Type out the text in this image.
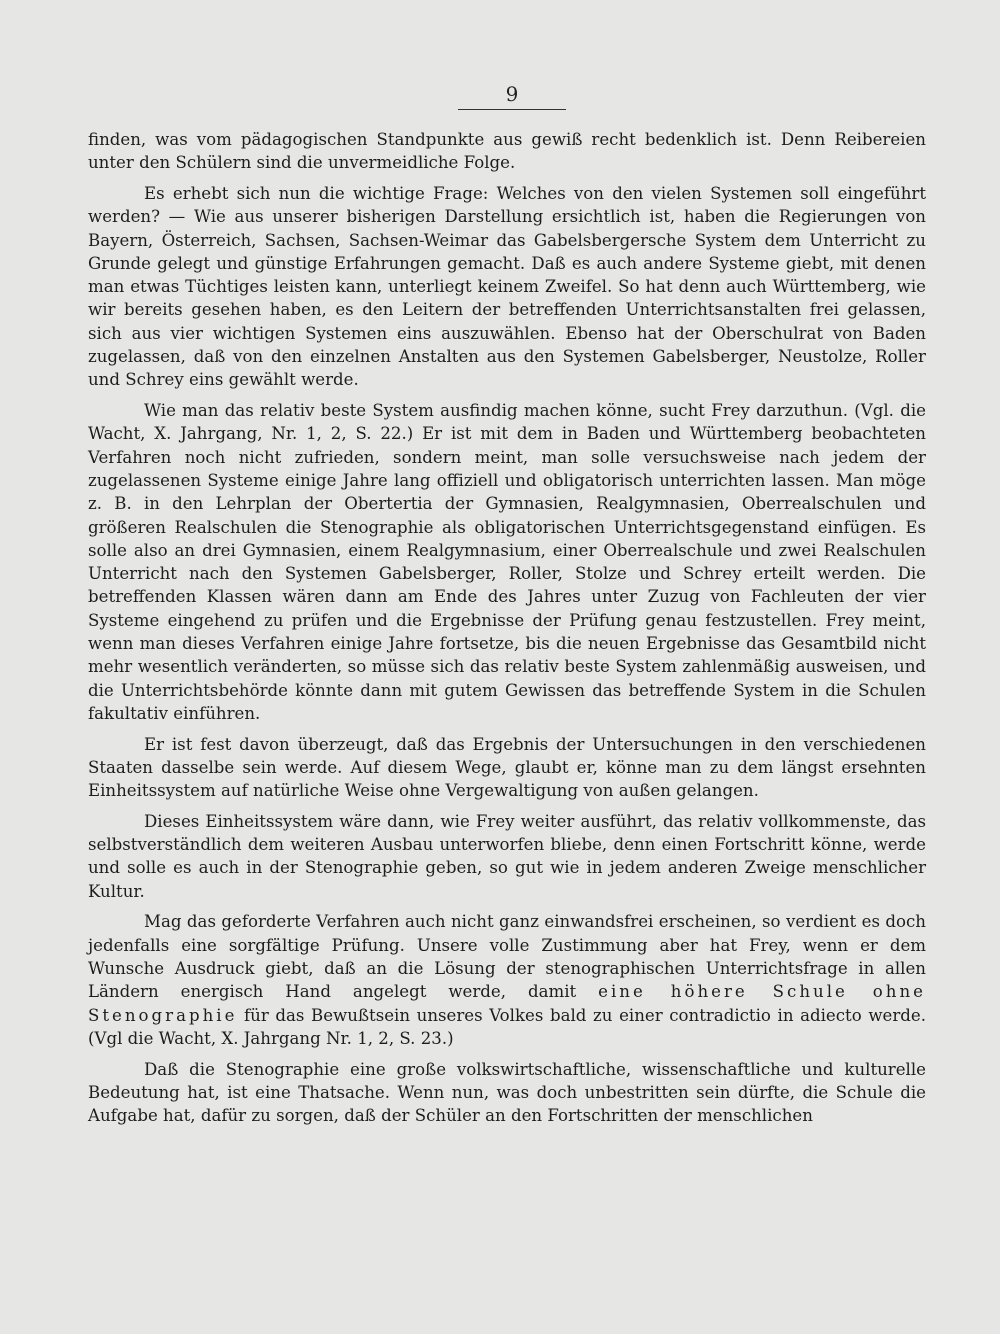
9

finden, was vom pädagogischen Standpunkte aus gewiß recht bedenklich ist. Denn Reibereien unter den Schülern sind die unvermeidliche Folge.

Es erhebt sich nun die wichtige Frage: Welches von den vielen Systemen soll eingeführt werden? — Wie aus unserer bisherigen Darstellung ersichtlich ist, haben die Regierungen von Bayern, Österreich, Sachsen, Sachsen-Weimar das Gabelsbergersche System dem Unterricht zu Grunde gelegt und günstige Erfahrungen gemacht. Daß es auch andere Systeme giebt, mit denen man etwas Tüchtiges leisten kann, unterliegt keinem Zweifel. So hat denn auch Württemberg, wie wir bereits gesehen haben, es den Leitern der betreffenden Unterrichtsanstalten frei gelassen, sich aus vier wichtigen Systemen eins auszuwählen. Ebenso hat der Oberschulrat von Baden zugelassen, daß von den einzelnen Anstalten aus den Systemen Gabelsberger, Neustolze, Roller und Schrey eins gewählt werde.

Wie man das relativ beste System ausfindig machen könne, sucht Frey darzuthun. (Vgl. die Wacht, X. Jahrgang, Nr. 1, 2, S. 22.) Er ist mit dem in Baden und Württemberg beobachteten Verfahren noch nicht zufrieden, sondern meint, man solle versuchsweise nach jedem der zugelassenen Systeme einige Jahre lang offiziell und obligatorisch unterrichten lassen. Man möge z. B. in den Lehrplan der Obertertia der Gymnasien, Realgymnasien, Oberrealschulen und größeren Realschulen die Stenographie als obligatorischen Unterrichtsgegenstand einfügen. Es solle also an drei Gymnasien, einem Realgymnasium, einer Oberrealschule und zwei Realschulen Unterricht nach den Systemen Gabelsberger, Roller, Stolze und Schrey erteilt werden. Die betreffenden Klassen wären dann am Ende des Jahres unter Zuzug von Fachleuten der vier Systeme eingehend zu prüfen und die Ergebnisse der Prüfung genau festzustellen. Frey meint, wenn man dieses Verfahren einige Jahre fortsetze, bis die neuen Ergebnisse das Gesamtbild nicht mehr wesentlich veränderten, so müsse sich das relativ beste System zahlenmäßig ausweisen, und die Unterrichtsbehörde könnte dann mit gutem Gewissen das betreffende System in die Schulen fakultativ einführen.

Er ist fest davon überzeugt, daß das Ergebnis der Untersuchungen in den verschiedenen Staaten dasselbe sein werde. Auf diesem Wege, glaubt er, könne man zu dem längst ersehnten Einheitssystem auf natürliche Weise ohne Vergewaltigung von außen gelangen.

Dieses Einheitssystem wäre dann, wie Frey weiter ausführt, das relativ vollkommenste, das selbstverständlich dem weiteren Ausbau unterworfen bliebe, denn einen Fortschritt könne, werde und solle es auch in der Stenographie geben, so gut wie in jedem anderen Zweige menschlicher Kultur.

Mag das geforderte Verfahren auch nicht ganz einwandsfrei erscheinen, so verdient es doch jedenfalls eine sorgfältige Prüfung. Unsere volle Zustimmung aber hat Frey, wenn er dem Wunsche Ausdruck giebt, daß an die Lösung der stenographischen Unterrichtsfrage in allen Ländern energisch Hand angelegt werde, damit eine höhere Schule ohne Stenographie für das Bewußtsein unseres Volkes bald zu einer contradictio in adiecto werde. (Vgl die Wacht, X. Jahrgang Nr. 1, 2, S. 23.)

Daß die Stenographie eine große volkswirtschaftliche, wissenschaftliche und kulturelle Bedeutung hat, ist eine Thatsache. Wenn nun, was doch unbestritten sein dürfte, die Schule die Aufgabe hat, dafür zu sorgen, daß der Schüler an den Fortschritten der menschlichen
